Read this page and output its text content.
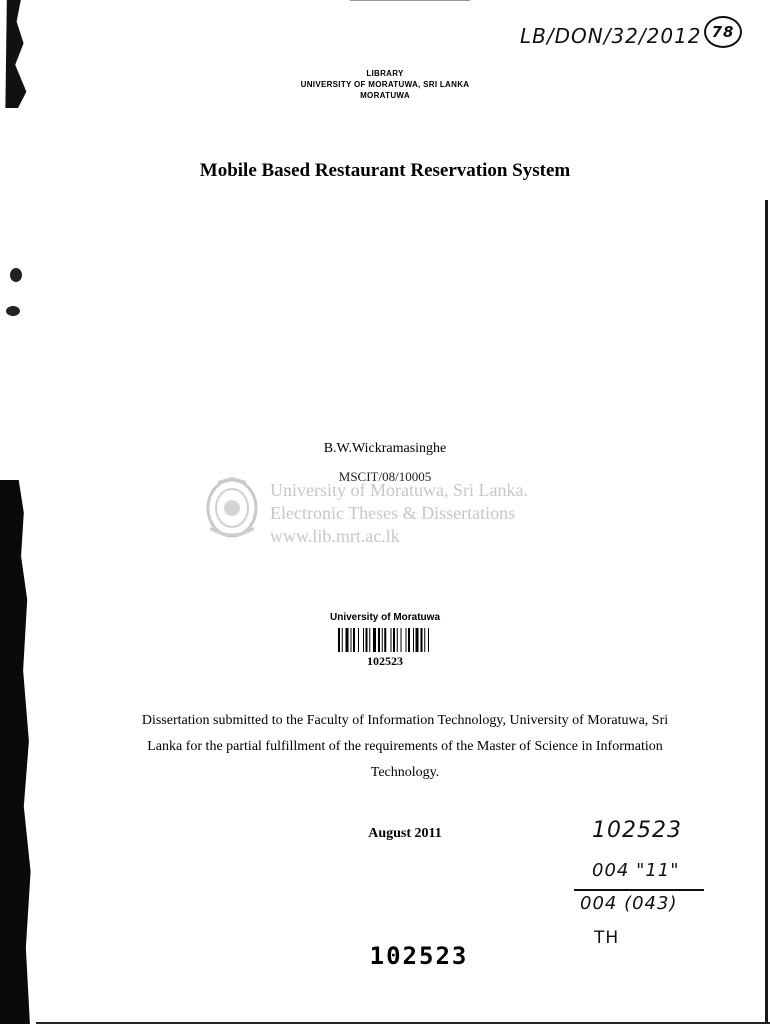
LB/DON/32/2012 78
LIBRARY
UNIVERSITY OF MORATUWA, SRI LANKA
MORATUWA
Mobile Based Restaurant Reservation System
B.W.Wickramasinghe
MSCIT/08/10005
University of Moratuwa, Sri Lanka.
Electronic Theses & Dissertations
www.lib.mrt.ac.lk
University of Moratuwa
102523
Dissertation submitted to the Faculty of Information Technology, University of Moratuwa, Sri Lanka for the partial fulfillment of the requirements of the Master of Science in Information Technology.
August 2011	102523
004 "11"
004 (043)
TH
102523
